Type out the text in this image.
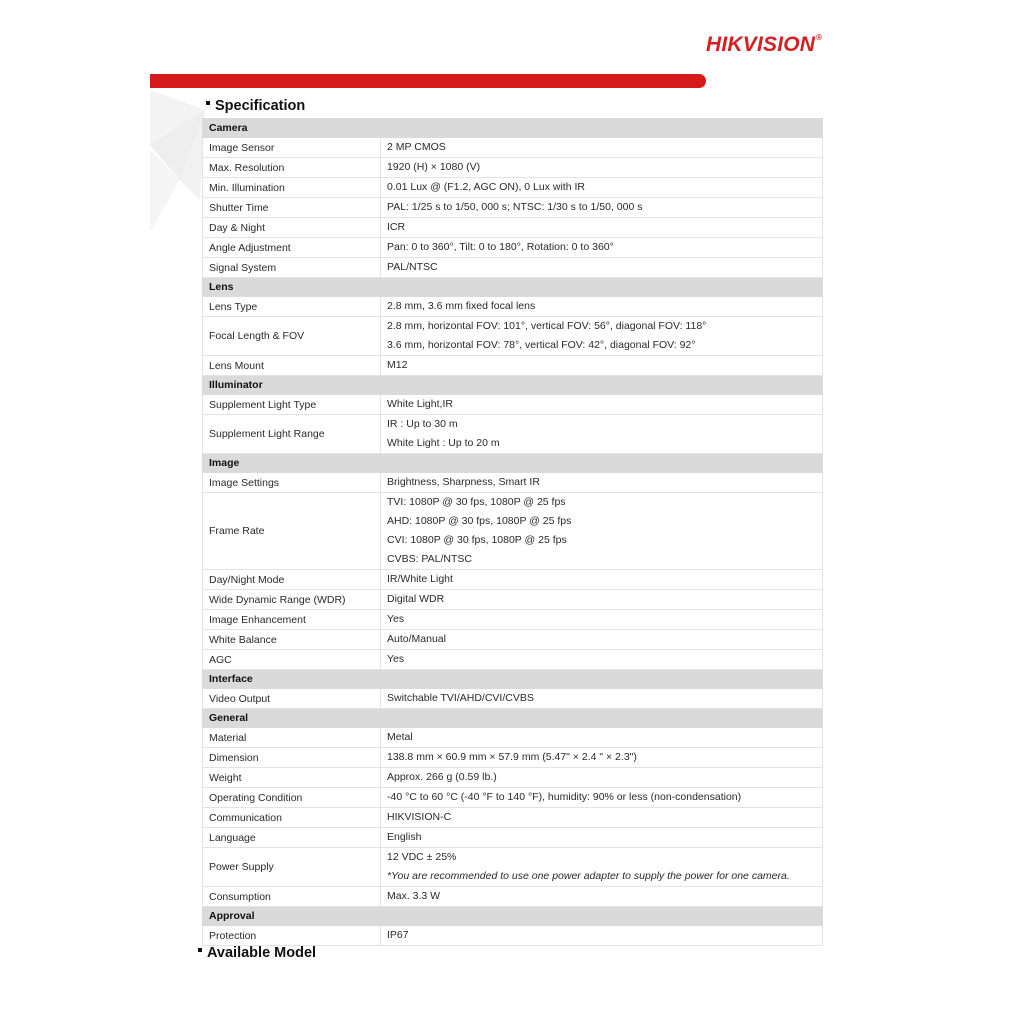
HIKVISION®
Specification
Camera	
Image Sensor	2 MP CMOS

Max. Resolution	1920 (H) × 1080 (V)

Min. Illumination	0.01 Lux @ (F1.2, AGC ON), 0 Lux with IR

Shutter Time	PAL: 1/25 s to 1/50, 000 s; NTSC: 1/30 s to 1/50, 000 s

Day & Night	ICR

Angle Adjustment	Pan: 0 to 360°, Tilt: 0 to 180°, Rotation: 0 to 360°

Signal System	PAL/NTSC

Lens	
Lens Type	2.8 mm, 3.6 mm fixed focal lens

Focal Length & FOV	2.8 mm, horizontal FOV: 101°, vertical FOV: 56°, diagonal FOV: 118°
3.6 mm, horizontal FOV: 78°, vertical FOV: 42°, diagonal FOV: 92°

Lens Mount	M12

Illuminator	
Supplement Light Type	White Light,IR

Supplement Light Range	IR : Up to 30 m
White Light : Up to 20 m

Image	
Image Settings	Brightness, Sharpness, Smart IR

Frame Rate	TVI: 1080P @ 30 fps, 1080P @ 25 fps
AHD: 1080P @ 30 fps, 1080P @ 25 fps
CVI: 1080P @ 30 fps, 1080P @ 25 fps
CVBS: PAL/NTSC

Day/Night Mode	IR/White Light

Wide Dynamic Range (WDR)	Digital WDR

Image Enhancement	Yes

White Balance	Auto/Manual

AGC	Yes

Interface	
Video Output	Switchable TVI/AHD/CVI/CVBS

General	
Material	Metal

Dimension	138.8 mm × 60.9 mm × 57.9 mm (5.47" × 2.4 " × 2.3")

Weight	Approx. 266 g (0.59 lb.)

Operating Condition	-40 °C to 60 °C (-40 °F to 140 °F), humidity: 90% or less (non-condensation)

Communication	HIKVISION-C

Language	English

Power Supply	12 VDC ± 25%
*You are recommended to use one power adapter to supply the power for one camera.

Consumption	Max. 3.3 W

Approval	
Protection	IP67
Available Model
